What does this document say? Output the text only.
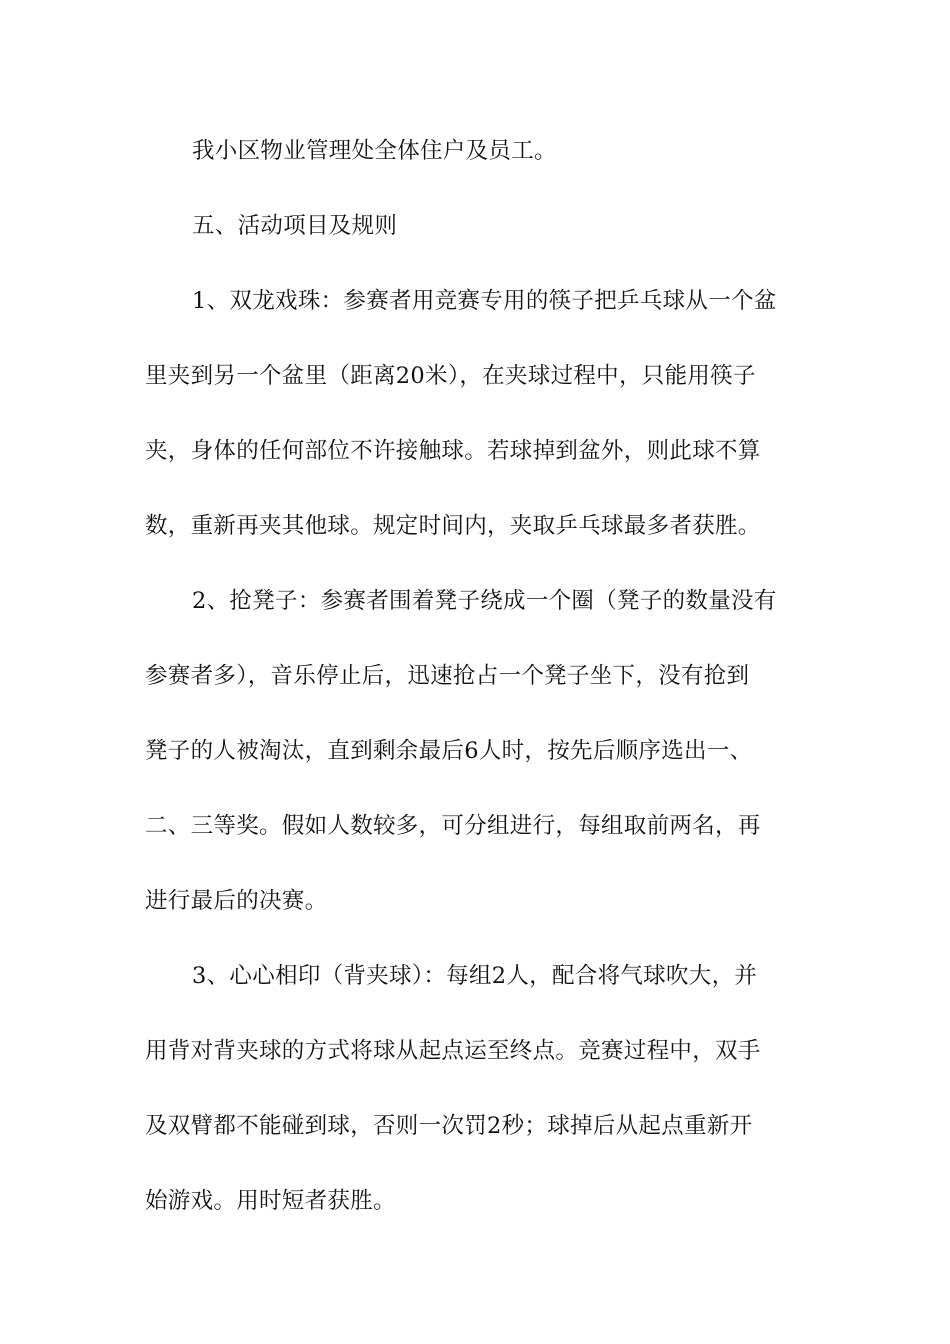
我小区物业管理处全体住户及员工。
五、活动项目及规则
1、双龙戏珠：参赛者用竞赛专用的筷子把乒乓球从一个盆
里夹到另一个盆里（距离20米），在夹球过程中，只能用筷子
夹，身体的任何部位不许接触球。若球掉到盆外，则此球不算
数，重新再夹其他球。规定时间内，夹取乒乓球最多者获胜。
2、抢凳子：参赛者围着凳子绕成一个圈（凳子的数量没有
参赛者多），音乐停止后，迅速抢占一个凳子坐下，没有抢到
凳子的人被淘汰，直到剩余最后6人时，按先后顺序选出一、
二、三等奖。假如人数较多，可分组进行，每组取前两名，再
进行最后的决赛。
3、心心相印（背夹球）：每组2人，配合将气球吹大，并
用背对背夹球的方式将球从起点运至终点。竞赛过程中，双手
及双臂都不能碰到球，否则一次罚2秒；球掉后从起点重新开
始游戏。用时短者获胜。
